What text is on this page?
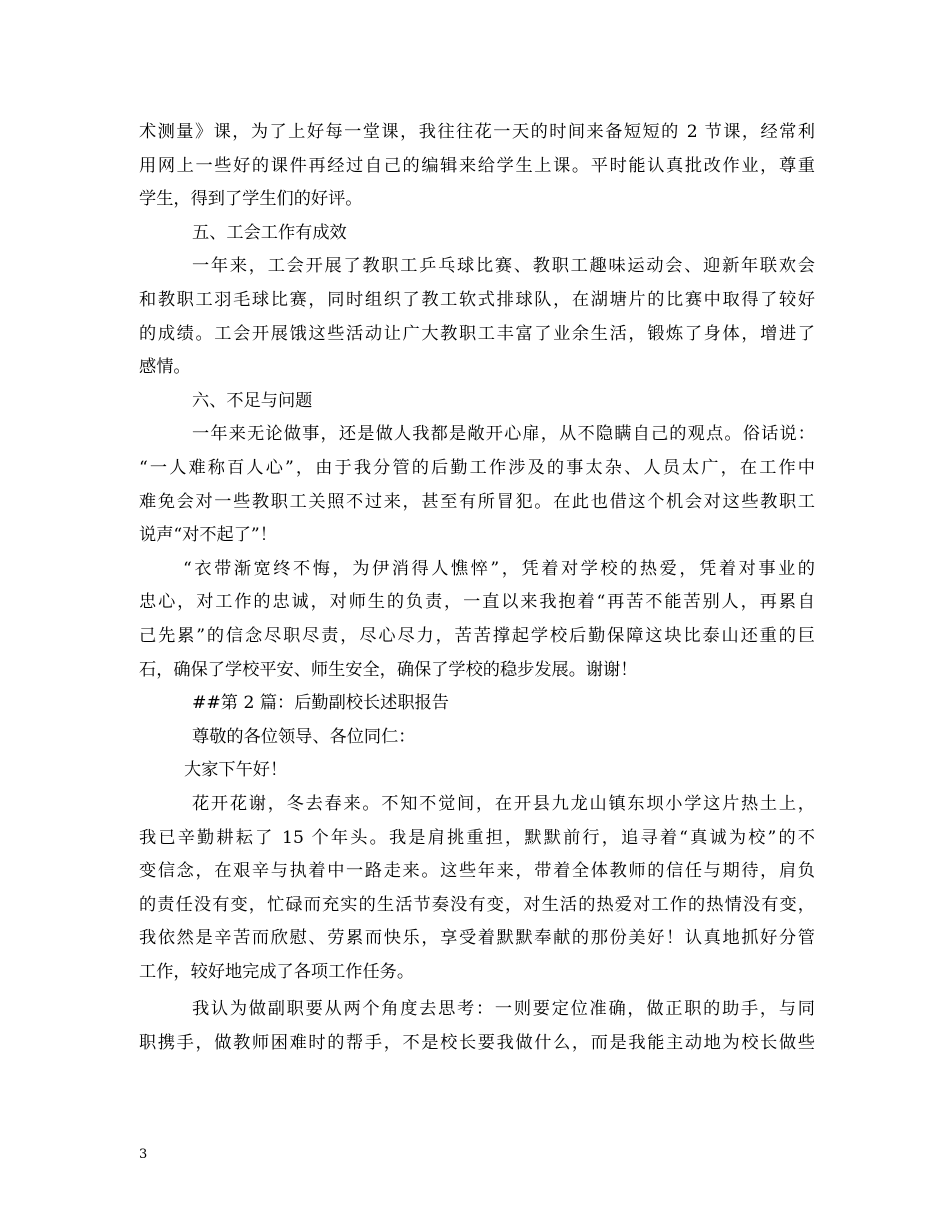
术测量》课，为了上好每一堂课，我往往花一天的时间来备短短的 2 节课，经常利
用网上一些好的课件再经过自己的编辑来给学生上课。平时能认真批改作业，尊重
学生，得到了学生们的好评。
五、工会工作有成效
一年来，工会开展了教职工乒乓球比赛、教职工趣味运动会、迎新年联欢会
和教职工羽毛球比赛，同时组织了教工软式排球队，在湖塘片的比赛中取得了较好
的成绩。工会开展饿这些活动让广大教职工丰富了业余生活，锻炼了身体，增进了
感情。
六、不足与问题
一年来无论做事，还是做人我都是敞开心扉，从不隐瞒自己的观点。俗话说：
“一人难称百人心”，由于我分管的后勤工作涉及的事太杂、人员太广，在工作中
难免会对一些教职工关照不过来，甚至有所冒犯。在此也借这个机会对这些教职工
说声“对不起了”！
“衣带渐宽终不悔，为伊消得人憔悴”，凭着对学校的热爱，凭着对事业的
忠心，对工作的忠诚，对师生的负责，一直以来我抱着“再苦不能苦别人，再累自
己先累”的信念尽职尽责，尽心尽力，苦苦撑起学校后勤保障这块比泰山还重的巨
石，确保了学校平安、师生安全，确保了学校的稳步发展。谢谢！
##第 2 篇：后勤副校长述职报告
尊敬的各位领导、各位同仁：
大家下午好！
花开花谢，冬去春来。不知不觉间，在开县九龙山镇东坝小学这片热土上，
我已辛勤耕耘了 15 个年头。我是肩挑重担，默默前行，追寻着“真诚为校”的不
变信念，在艰辛与执着中一路走来。这些年来，带着全体教师的信任与期待，肩负
的责任没有变，忙碌而充实的生活节奏没有变，对生活的热爱对工作的热情没有变，
我依然是辛苦而欣慰、劳累而快乐，享受着默默奉献的那份美好！认真地抓好分管
工作，较好地完成了各项工作任务。
我认为做副职要从两个角度去思考：一则要定位准确，做正职的助手，与同
职携手，做教师困难时的帮手，不是校长要我做什么，而是我能主动地为校长做些
3
